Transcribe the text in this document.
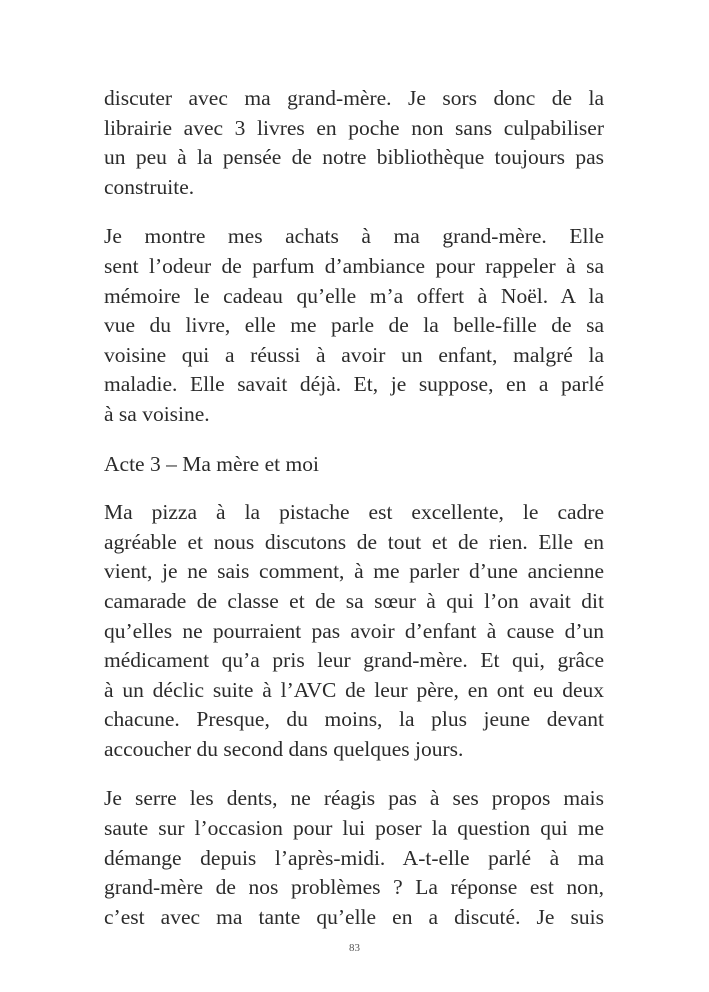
discuter avec ma grand-mère. Je sors donc de la
librairie avec 3 livres en poche non sans culpabiliser
un peu à la pensée de notre bibliothèque toujours pas
construite.

Je montre mes achats à ma grand-mère. Elle
sent l’odeur de parfum d’ambiance pour rappeler à sa
mémoire le cadeau qu’elle m’a offert à Noël. A la
vue du livre, elle me parle de la belle-fille de sa
voisine qui a réussi à avoir un enfant, malgré la
maladie. Elle savait déjà. Et, je suppose, en a parlé
à sa voisine.

Acte 3 – Ma mère et moi

Ma pizza à la pistache est excellente, le cadre
agréable et nous discutons de tout et de rien. Elle en
vient, je ne sais comment, à me parler d’une ancienne
camarade de classe et de sa sœur à qui l’on avait dit
qu’elles ne pourraient pas avoir d’enfant à cause d’un
médicament qu’a pris leur grand-mère. Et qui, grâce
à un déclic suite à l’AVC de leur père, en ont eu deux
chacune. Presque, du moins, la plus jeune devant
accoucher du second dans quelques jours.

Je serre les dents, ne réagis pas à ses propos mais
saute sur l’occasion pour lui poser la question qui me
démange depuis l’après-midi. A-t-elle parlé à ma
grand-mère de nos problèmes ? La réponse est non,
c’est avec ma tante qu’elle en a discuté. Je suis

83
